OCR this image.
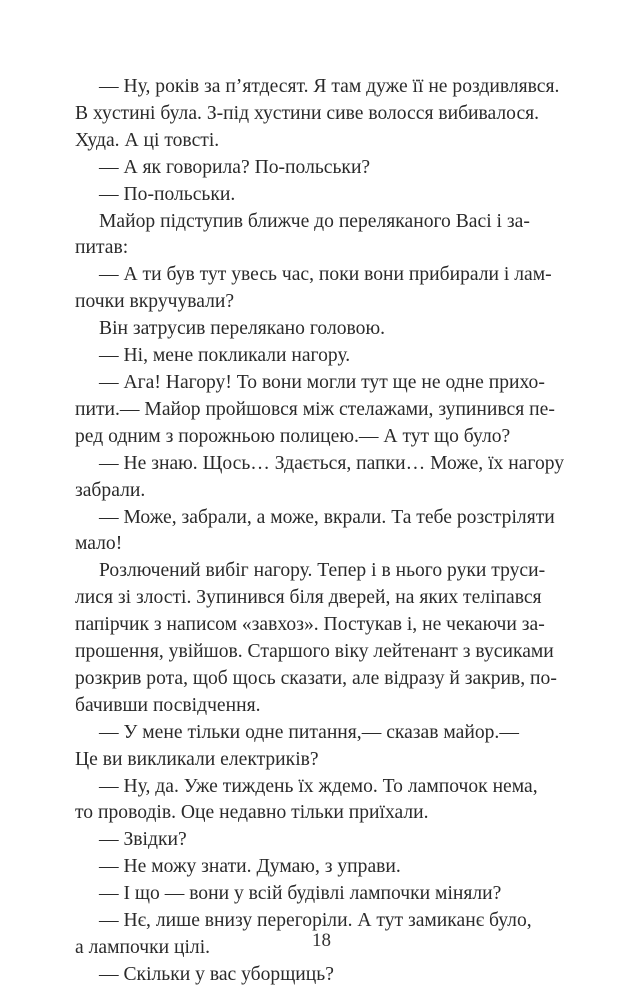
— Ну, років за п’ятдесят. Я там дуже її не роздивлявся.
В хустині була. З-під хустини сиве волосся вибивалося.
Худа. А ці товсті.

— А як говорила? По-польськи?

— По-польськи.

Майор підступив ближче до переляканого Васі і за-
питав:

— А ти був тут увесь час, поки вони прибирали і лам-
почки вкручували?

Він затрусив перелякано головою.

— Ні, мене покликали нагору.

— Ага! Нагору! То вони могли тут ще не одне прихо-
пити.— Майор пройшовся між стелажами, зупинився пе-
ред одним з порожньою полицею.— А тут що було?

— Не знаю. Щось… Здається, папки… Може, їх нагору
забрали.

— Може, забрали, а може, вкрали. Та тебе розстріляти
мало!

Розлючений вибіг нагору. Тепер і в нього руки труси-
лися зі злості. Зупинився біля дверей, на яких теліпався
папірчик з написом «завхоз». Постукав і, не чекаючи за-
прошення, увійшов. Старшого віку лейтенант з вусиками
розкрив рота, щоб щось сказати, але відразу й закрив, по-
бачивши посвідчення.

— У мене тільки одне питання,— сказав майор.—
Це ви викликали електриків?

— Ну, да. Уже тиждень їх ждемо. То лампочок нема,
то проводів. Оце недавно тільки приїхали.

— Звідки?

— Не можу знати. Думаю, з управи.

— І що — вони у всій будівлі лампочки міняли?

— Нє, лише внизу перегоріли. А тут замиканє було,
а лампочки цілі.

— Скільки у вас уборщиць?

18
